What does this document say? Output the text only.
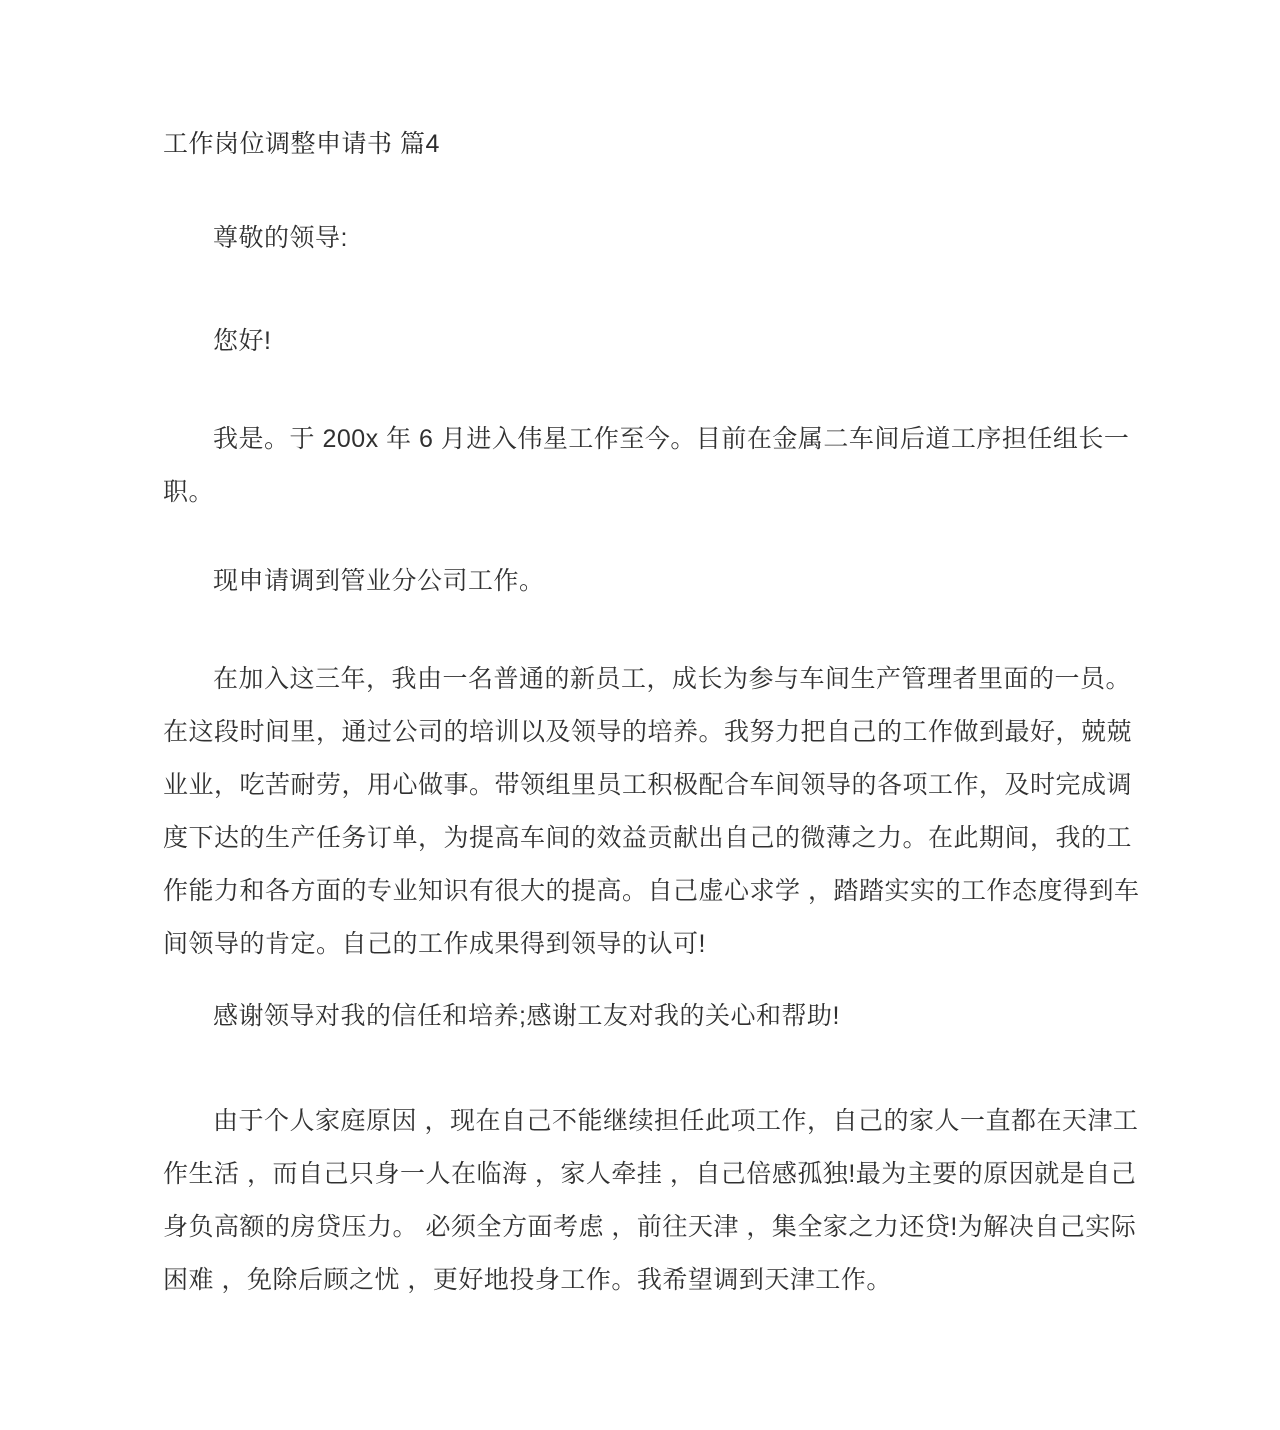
工作岗位调整申请书 篇4

尊敬的领导:

您好!

我是。于 200x 年 6 月进入伟星工作至今。目前在金属二车间后道工序担任组长一职。

现申请调到管业分公司工作。

在加入这三年，我由一名普通的新员工，成长为参与车间生产管理者里面的一员。在这段时间里，通过公司的培训以及领导的培养。我努力把自己的工作做到最好，兢兢业业，吃苦耐劳，用心做事。带领组里员工积极配合车间领导的各项工作，及时完成调度下达的生产任务订单，为提高车间的效益贡献出自己的微薄之力。在此期间，我的工作能力和各方面的专业知识有很大的提高。自己虚心求学 ，踏踏实实的工作态度得到车间领导的肯定。自己的工作成果得到领导的认可!

感谢领导对我的信任和培养;感谢工友对我的关心和帮助!

由于个人家庭原因 ，现在自己不能继续担任此项工作，自己的家人一直都在天津工作生活 ，而自己只身一人在临海 ，家人牵挂 ，自己倍感孤独!最为主要的原因就是自己身负高额的房贷压力。 必须全方面考虑 ，前往天津 ，集全家之力还贷!为解决自己实际困难 ，免除后顾之忧 ，更好地投身工作。我希望调到天津工作。
